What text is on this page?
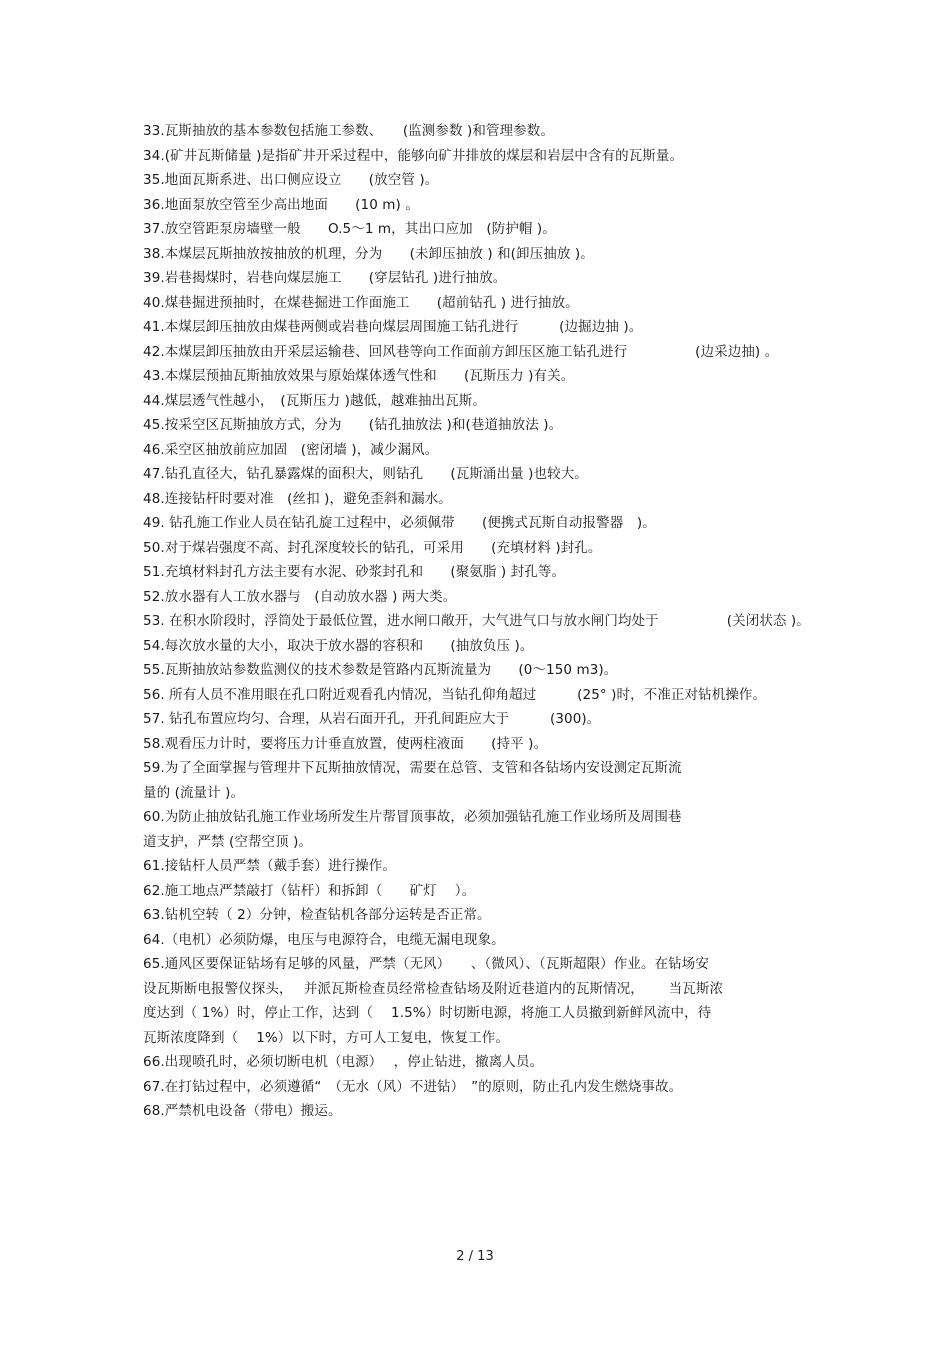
33.瓦斯抽放的基本参数包括施工参数、　　(监测参数 )和管理参数。
34.(矿井瓦斯储量 )是指矿井开采过程中，能够向矿井排放的煤层和岩层中含有的瓦斯量。
35.地面瓦斯系进、出口侧应设立　　(放空管 )。
36.地面泵放空管至少高出地面　　(10 m) 。
37.放空管距泵房墙壁一般　　O.5～1 m，其出口应加　(防护帽 )。
38.本煤层瓦斯抽放按抽放的机理，分为　　(未卸压抽放 ) 和(卸压抽放 )。
39.岩巷揭煤时，岩巷向煤层施工　　(穿层钻孔 )进行抽放。
40.煤巷掘进预抽时，在煤巷掘进工作面施工　　(超前钻孔 ) 进行抽放。
41.本煤层卸压抽放由煤巷两侧或岩巷向煤层周围施工钻孔进行　　　(边掘边抽 )。
42.本煤层卸压抽放由开采层运输巷、回风巷等向工作面前方卸压区施工钻孔进行　　　　　(边采边抽) 。
43.本煤层预抽瓦斯抽放效果与原始煤体透气性和　　(瓦斯压力 )有关。
44.煤层透气性越小，　(瓦斯压力 )越低，越难抽出瓦斯。
45.按采空区瓦斯抽放方式，分为　　(钻孔抽放法 )和(巷道抽放法 )。
46.采空区抽放前应加固　(密闭墙 )，减少漏风。
47.钻孔直径大，钻孔暴露煤的面积大，则钻孔　　(瓦斯涌出量 )也较大。
48.连接钻杆时要对准　(丝扣 )，避免歪斜和漏水。
49. 钻孔施工作业人员在钻孔旋工过程中，必须佩带　　(便携式瓦斯自动报警器　)。
50.对于煤岩强度不高、封孔深度较长的钻孔，可采用　　(充填材料 )封孔。
51.充填材料封孔方法主要有水泥、砂浆封孔和　　(聚氨脂 ) 封孔等。
52.放水器有人工放水器与　(自动放水器 ) 两大类。
53. 在积水阶段时，浮筒处于最低位置，进水闸口敞开，大气进气口与放水闸门均处于　　　　　(关闭状态 )。
54.每次放水量的大小，取决于放水器的容积和　　(抽放负压 )。
55.瓦斯抽放站参数监测仪的技术参数是管路内瓦斯流量为　　(0～150 m3)。
56. 所有人员不准用眼在孔口附近观看孔内情况，当钻孔仰角超过　　　(25° )时，不准正对钻机操作。
57. 钻孔布置应均匀、合理，从岩石面开孔，开孔间距应大于　　　(300)。
58.观看压力计时，要将压力计垂直放置，使两柱液面　　(持平 )。
59.为了全面掌握与管理井下瓦斯抽放情况，需要在总管、支管和各钻场内安设测定瓦斯流
量的 (流量计 )。
60.为防止抽放钻孔施工作业场所发生片帮冒顶事故，必须加强钻孔施工作业场所及周围巷
道支护，严禁 (空帮空顶 )。
61.接钻杆人员严禁（戴手套）进行操作。
62.施工地点严禁敲打（钻杆）和拆卸（　　矿灯　 ）。
63.钻机空转（ 2）分钟，检查钻机各部分运转是否正常。
64.（电机）必须防爆，电压与电源符合，电缆无漏电现象。
65.通风区要保证钻场有足够的风量，严禁（无风）　　、（微风）、（瓦斯超限）作业。在钻场安
设瓦斯断电报警仪探头，　 并派瓦斯检查员经常检查钻场及附近巷道内的瓦斯情况，　　 当瓦斯浓
度达到（ 1%）时，停止工作，达到（　 1.5%）时切断电源，将施工人员撤到新鲜风流中，待
瓦斯浓度降到（　 1%）以下时，方可人工复电，恢复工作。
66.出现喷孔时，必须切断电机（电源）　 ，停止钻进，撤离人员。
67.在打钻过程中，必须遵循“　（无水（风）不进钻）　”的原则，防止孔内发生燃烧事故。
68.严禁机电设备（带电）搬运。
2 / 13
